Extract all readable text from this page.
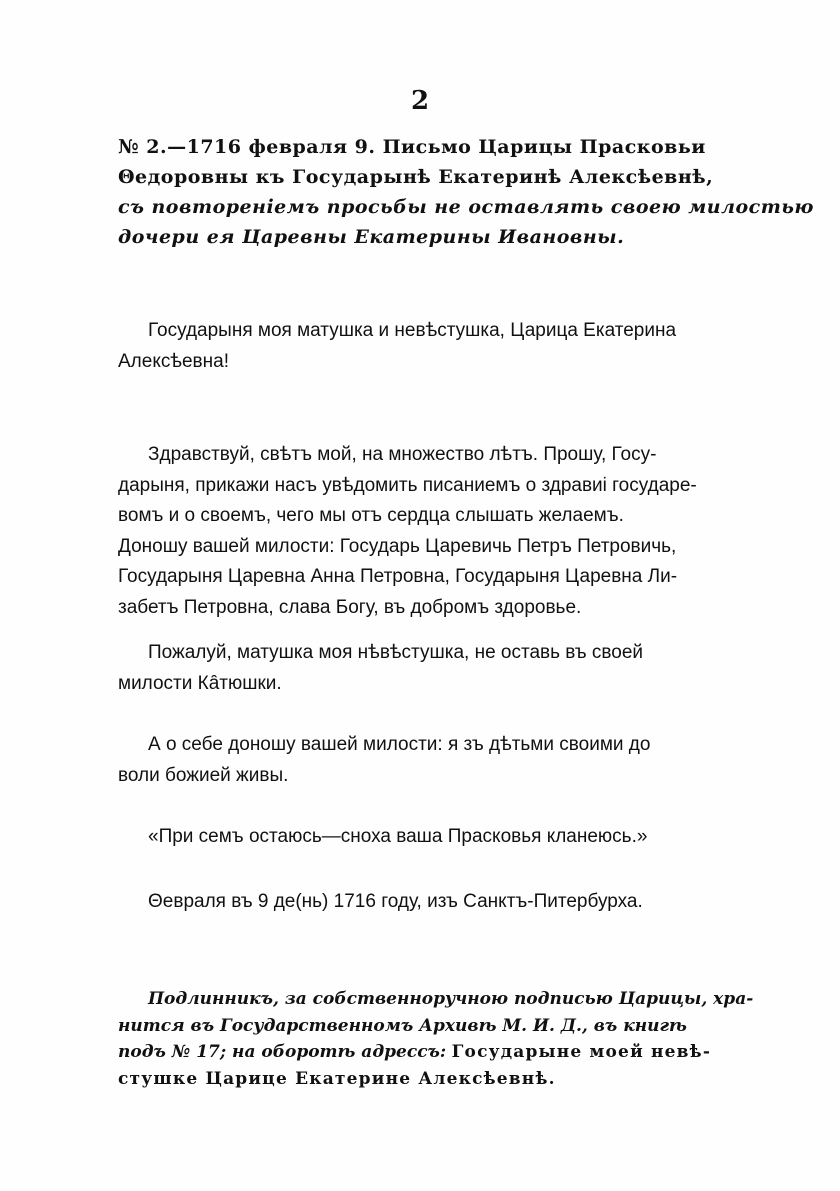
2
№ 2.—1716 февраля 9. Письмо Царицы Прасковьи
Θедоровны къ Государынѣ Екатеринѣ Алексѣевнѣ,
съ повтореніемъ просьбы не оставлять своею милостью
дочери ея Царевны Екатерины Ивановны.
Государыня моя матушка и невѣстушка, Царица Екатерина
Алексѣевна!
Здравствуй, свѣтъ мой, на множество лѣтъ. Прошу, Госу-
дарыня, прикажи насъ увѣдомить писаниемъ о здравиі государе-
вомъ и о своемъ, чего мы отъ сердца слышать желаемъ.
Доношу вашей милости: Государь Царевичь Петръ Петровичь,
Государыня Царевна Анна Петровна, Государыня Царевна Ли-
забетъ Петровна, слава Богу, въ добромъ здоровье.
Пожалуй, матушка моя нѣвѣстушка, не оставь въ своей
милости Кȃтюшки.
А о себе доношу вашей милости: я зъ дѣтьми своими до
воли божией живы.
«При семъ остаюсь—сноха ваша Прасковья кланеюсь.»
Θевраля въ 9 де(нь) 1716 году, изъ Санктъ-Питербурха.
Подлинникъ, за собственноручною подписью Царицы, хра-
нится въ Государственномъ Архивѣ М. И. Д., въ книгѣ
подъ № 17; на оборотѣ адрессъ: Государыне моей невѣ-
стушке Царице Екатерине Алексѣевнѣ.
